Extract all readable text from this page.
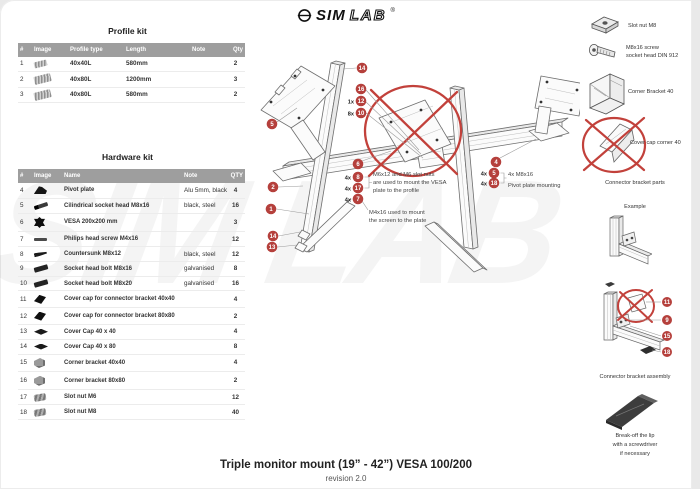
SIM LAB ®
Profile kit
#	Image	Profile type	Length	Note	Qty
1		40x40L	580mm		2
2		40x80L	1200mm		3
3		40x80L	580mm		2
Hardware kit
#	Image	Name	Note	QTY
4		Pivot plate	Alu 5mm, black	4
5		Cilindrical socket head M8x16	black, steel	16
6		VESA 200x200 mm		3
7		Philips head screw M4x16		12
8		Countersunk M8x12	black, steel	12
9		Socket head bolt M8x16	galvanised	8
10		Socket head bolt M8x20	galvanised	16
11		Cover cap for connector bracket 40x40		4
12		Cover cap for connector bracket 80x80		2
13		Cover Cap 40 x 40		4
14		Cover Cap 40 x 80		8
15		Corner bracket 40x40		4
16		Corner bracket 80x80		2
17		Slot nut M6		12
18		Slot nut M8		40
1x
8x
4x
4x
4x
4x
4x
M6x12 and M6 slot nuts
are used to mount the VESA
plate to the profile
M4x16 used to mount
the screen to the plate
4x M8x16
Pivot plate mounting
14
16
12
10
6
8
17
7
5
2
1
14
13
4
5
18
Slot nut M8
M8x16 screw
socket head DIN 912
Corner Bracket 40
Cover cap corner 40
Connector bracket parts
Example
11
9
15
18
Connector bracket assembly
Break-off the lip
with a screwdriver
if necessary
Triple monitor mount (19” - 42”) VESA 100/200
revision 2.0
